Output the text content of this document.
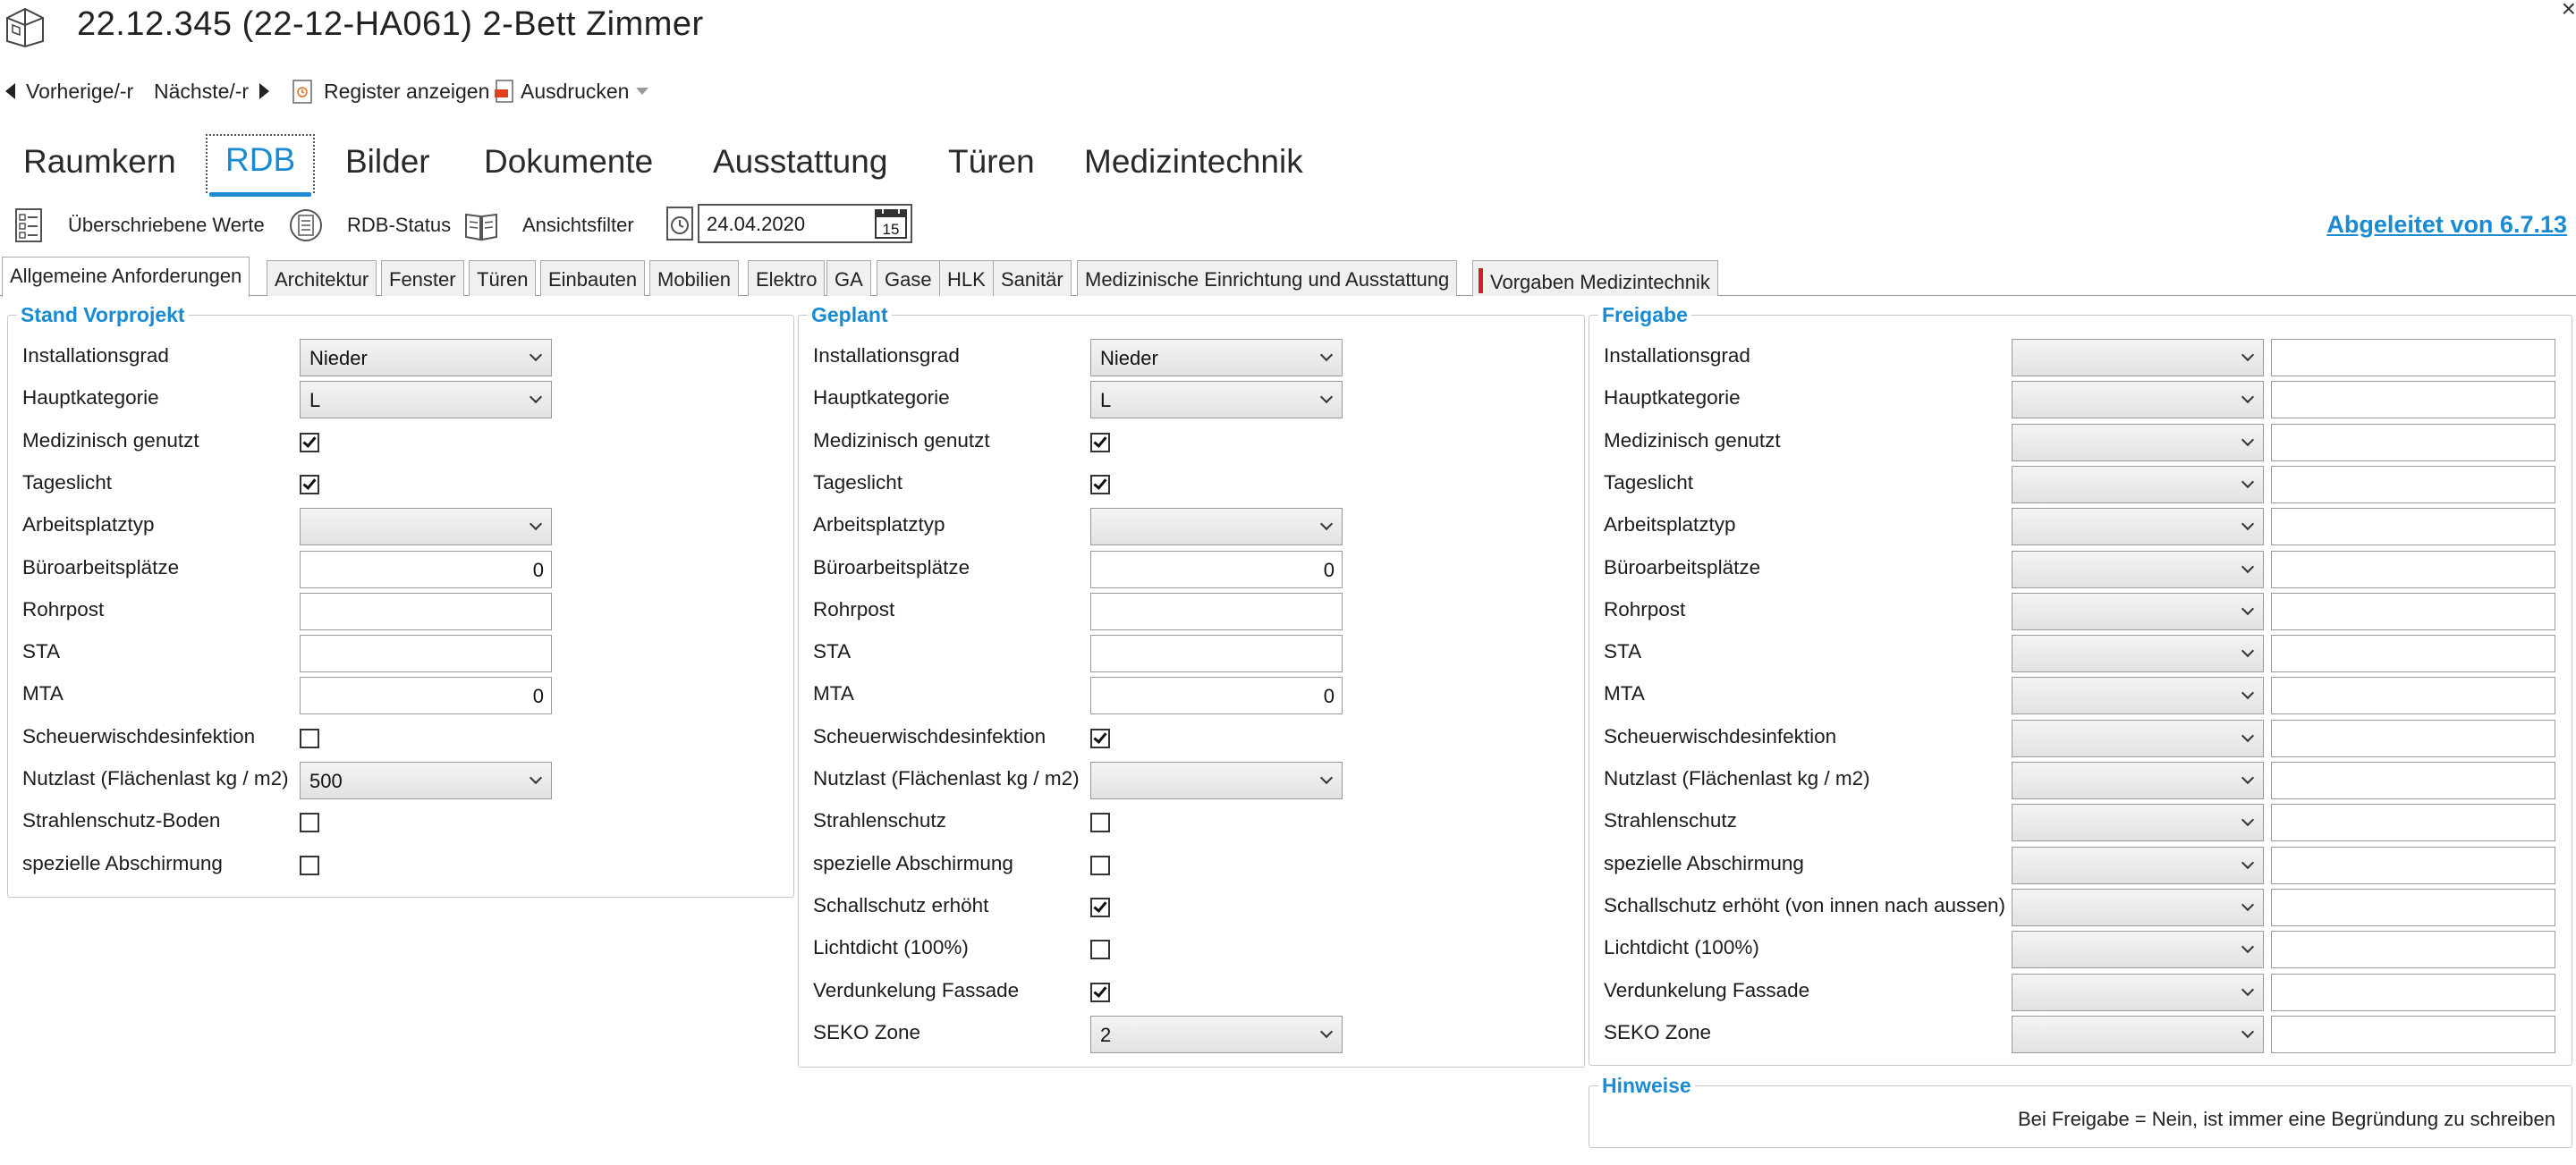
22.12.345 (22-12-HA061) 2-Bett Zimmer	×
Vorherige/-r Nächste/-r	Register anzeigen Ausdrucken
Raumkern	RDB	Bilder Dokumente Ausstattung Türen Medizintechnik
Überschriebene Werte	RDB-Status	Ansichtsfilter	24.04.2020	15	Abgeleitet von 6.7.13
Allgemeine Anforderungen	Architektur	Fenster	Türen	Einbauten	Mobilien	Elektro GA	Gase HLK Sanitär	Medizinische Einrichtung und Ausstattung	Vorgaben Medizintechnik
Stand Vorprojekt
Installationsgrad	Nieder
Hauptkategorie	L
Medizinisch genutzt
Tageslicht
Arbeitsplatztyp
Büroarbeitsplätze	0
Rohrpost
STA
MTA	0
Scheuerwischdesinfektion
Nutzlast (Flächenlast kg / m2)	500
Strahlenschutz-Boden
spezielle Abschirmung
Geplant
Installationsgrad	Nieder
Hauptkategorie	L
Medizinisch genutzt
Tageslicht
Arbeitsplatztyp
Büroarbeitsplätze	0
Rohrpost
STA
MTA	0
Scheuerwischdesinfektion
Nutzlast (Flächenlast kg / m2)
Strahlenschutz
spezielle Abschirmung
Schallschutz erhöht
Lichtdicht (100%)
Verdunkelung Fassade
SEKO Zone	2
Freigabe
Installationsgrad
Hauptkategorie
Medizinisch genutzt
Tageslicht
Arbeitsplatztyp
Büroarbeitsplätze
Rohrpost
STA
MTA
Scheuerwischdesinfektion
Nutzlast (Flächenlast kg / m2)
Strahlenschutz
spezielle Abschirmung
Schallschutz erhöht (von innen nach aussen)
Lichtdicht (100%)
Verdunkelung Fassade
SEKO Zone
Hinweise
Bei Freigabe = Nein, ist immer eine Begründung zu schreiben
